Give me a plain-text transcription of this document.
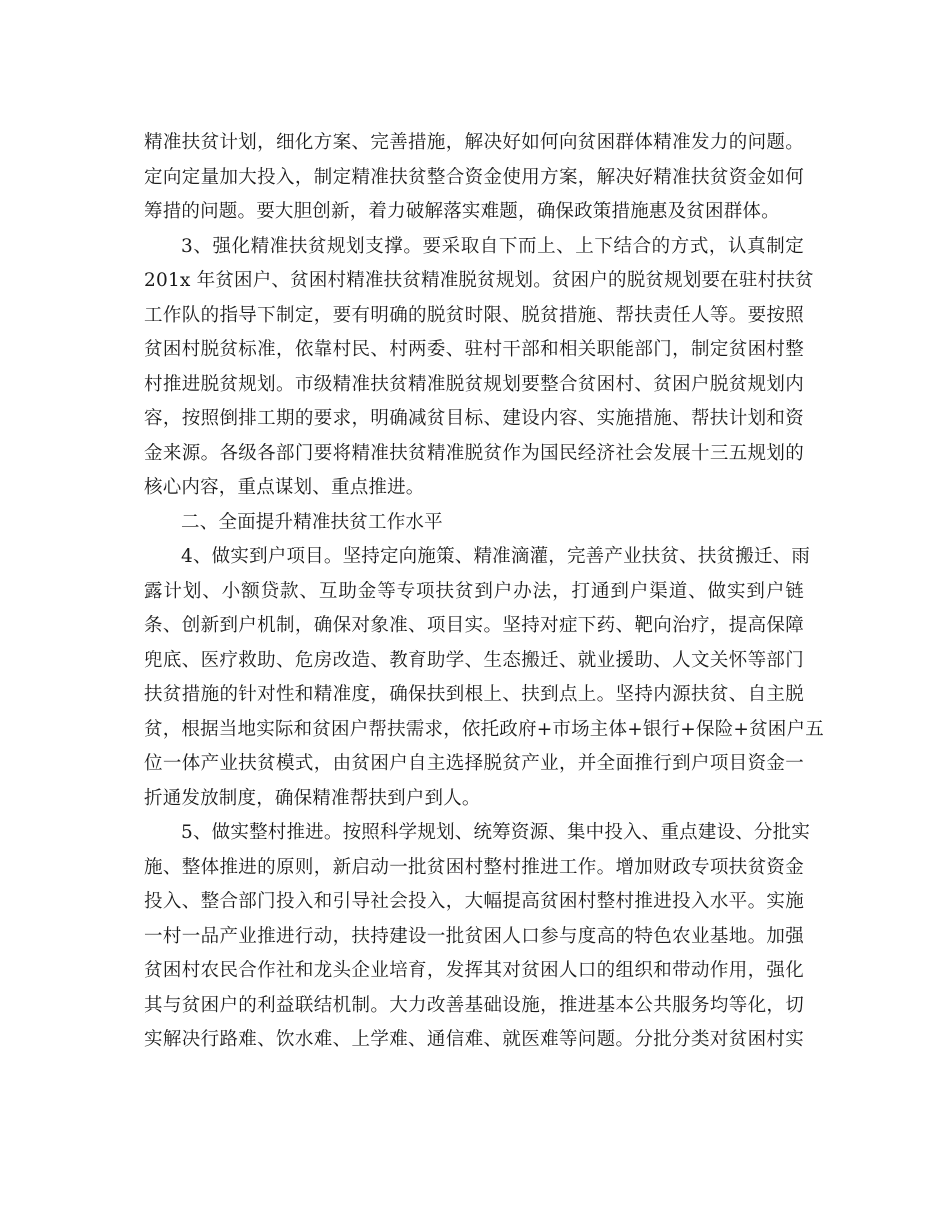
精准扶贫计划，细化方案、完善措施，解决好如何向贫困群体精准发力的问题。
定向定量加大投入，制定精准扶贫整合资金使用方案，解决好精准扶贫资金如何
筹措的问题。要大胆创新，着力破解落实难题，确保政策措施惠及贫困群体。
3、强化精准扶贫规划支撑。要采取自下而上、上下结合的方式，认真制定
201x 年贫困户、贫困村精准扶贫精准脱贫规划。贫困户的脱贫规划要在驻村扶贫
工作队的指导下制定，要有明确的脱贫时限、脱贫措施、帮扶责任人等。要按照
贫困村脱贫标准，依靠村民、村两委、驻村干部和相关职能部门，制定贫困村整
村推进脱贫规划。市级精准扶贫精准脱贫规划要整合贫困村、贫困户脱贫规划内
容，按照倒排工期的要求，明确减贫目标、建设内容、实施措施、帮扶计划和资
金来源。各级各部门要将精准扶贫精准脱贫作为国民经济社会发展十三五规划的
核心内容，重点谋划、重点推进。
二、全面提升精准扶贫工作水平
4、做实到户项目。坚持定向施策、精准滴灌，完善产业扶贫、扶贫搬迁、雨
露计划、小额贷款、互助金等专项扶贫到户办法，打通到户渠道、做实到户链
条、创新到户机制，确保对象准、项目实。坚持对症下药、靶向治疗，提高保障
兜底、医疗救助、危房改造、教育助学、生态搬迁、就业援助、人文关怀等部门
扶贫措施的针对性和精准度，确保扶到根上、扶到点上。坚持内源扶贫、自主脱
贫，根据当地实际和贫困户帮扶需求，依托政府+市场主体+银行+保险+贫困户五
位一体产业扶贫模式，由贫困户自主选择脱贫产业，并全面推行到户项目资金一
折通发放制度，确保精准帮扶到户到人。
5、做实整村推进。按照科学规划、统筹资源、集中投入、重点建设、分批实
施、整体推进的原则，新启动一批贫困村整村推进工作。增加财政专项扶贫资金
投入、整合部门投入和引导社会投入，大幅提高贫困村整村推进投入水平。实施
一村一品产业推进行动，扶持建设一批贫困人口参与度高的特色农业基地。加强
贫困村农民合作社和龙头企业培育，发挥其对贫困人口的组织和带动作用，强化
其与贫困户的利益联结机制。大力改善基础设施，推进基本公共服务均等化，切
实解决行路难、饮水难、上学难、通信难、就医难等问题。分批分类对贫困村实
